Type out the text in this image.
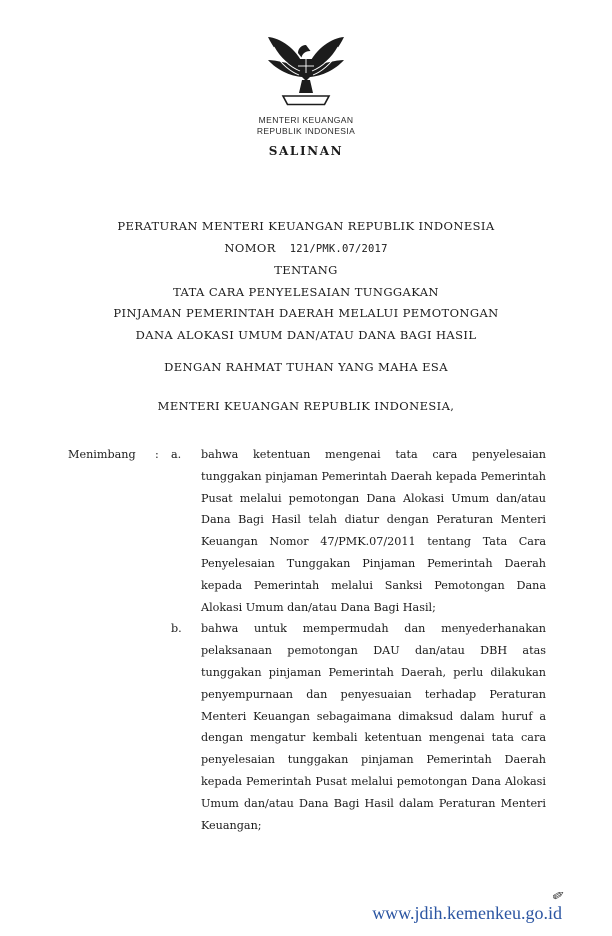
MENTERI KEUANGAN
REPUBLIK INDONESIA
SALINAN
PERATURAN MENTERI KEUANGAN REPUBLIK INDONESIA
NOMOR 121/PMK.07/2017
TENTANG
TATA CARA PENYELESAIAN TUNGGAKAN
PINJAMAN PEMERINTAH DAERAH MELALUI PEMOTONGAN
DANA ALOKASI UMUM DAN/ATAU DANA BAGI HASIL
DENGAN RAHMAT TUHAN YANG MAHA ESA
MENTERI KEUANGAN REPUBLIK INDONESIA,
Menimbang	:	a.	bahwa ketentuan mengenai tata cara penyelesaian tunggakan pinjaman Pemerintah Daerah kepada Pemerintah Pusat melalui pemotongan Dana Alokasi Umum dan/atau Dana Bagi Hasil telah diatur dengan Peraturan Menteri Keuangan Nomor 47/PMK.07/2011 tentang Tata Cara Penyelesaian Tunggakan Pinjaman Pemerintah Daerah kepada Pemerintah melalui Sanksi Pemotongan Dana Alokasi Umum dan/atau Dana Bagi Hasil;
b.	bahwa untuk mempermudah dan menyederhanakan pelaksanaan pemotongan DAU dan/atau DBH atas tunggakan pinjaman Pemerintah Daerah, perlu dilakukan penyempurnaan dan penyesuaian terhadap Peraturan Menteri Keuangan sebagaimana dimaksud dalam huruf a dengan mengatur kembali ketentuan mengenai tata cara penyelesaian tunggakan pinjaman Pemerintah Daerah kepada Pemerintah Pusat melalui pemotongan Dana Alokasi Umum dan/atau Dana Bagi Hasil dalam Peraturan Menteri Keuangan;
✎
www.jdih.kemenkeu.go.id
